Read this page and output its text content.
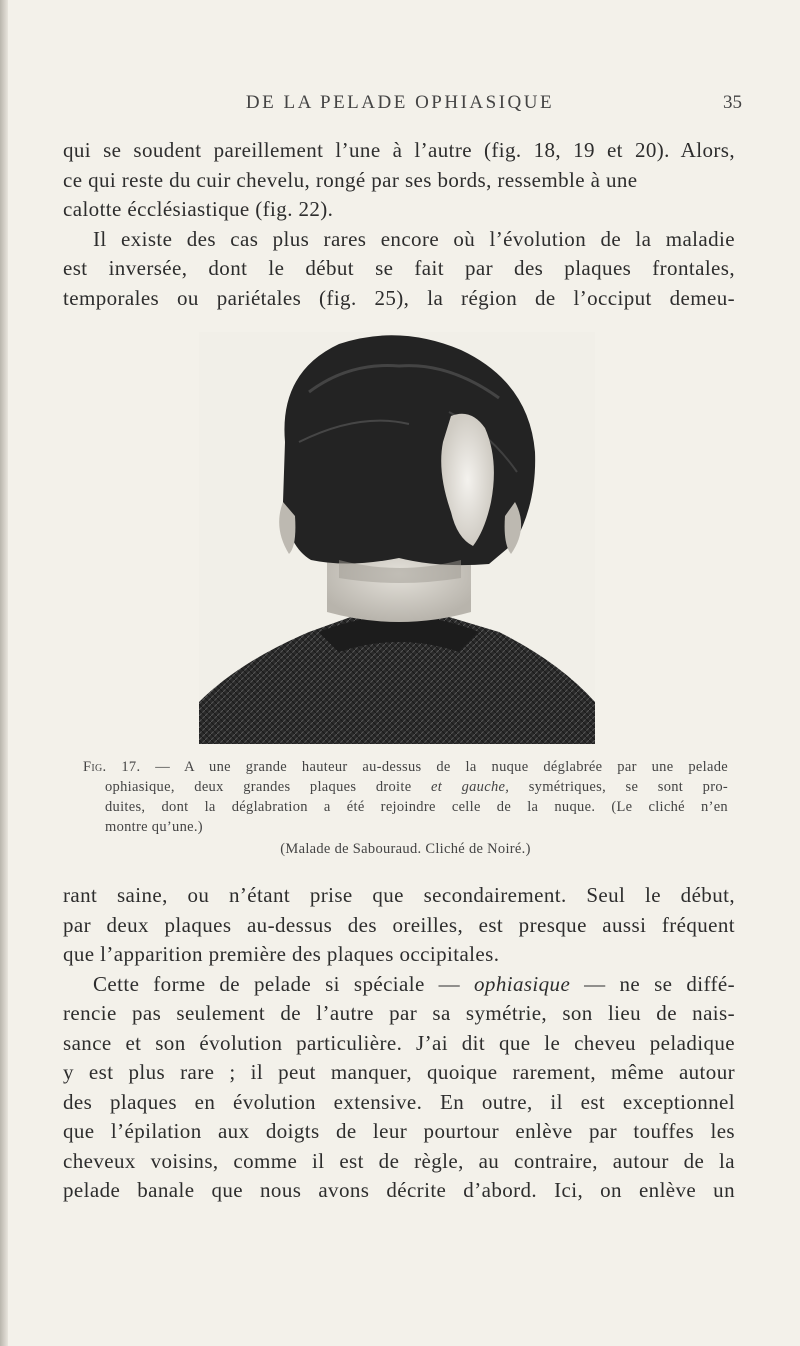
DE LA PELADE OPHIASIQUE	35

qui se soudent pareillement l’une à l’autre (fig. 18, 19 et 20). Alors,
ce qui reste du cuir chevelu, rongé par ses bords, ressemble à une
calotte écclésiastique (fig. 22).
Il existe des cas plus rares encore où l’évolution de la maladie
est inversée, dont le début se fait par des plaques frontales,
temporales ou pariétales (fig. 25), la région de l’occiput demeu-

Fig. 17. — A une grande hauteur au-dessus de la nuque déglabrée par une pelade
ophiasique, deux grandes plaques droite et gauche, symétriques, se sont pro-
duites, dont la déglabration a été rejoindre celle de la nuque. (Le cliché n’en
montre qu’une.)
(Malade de Sabouraud. Cliché de Noiré.)

rant saine, ou n’étant prise que secondairement. Seul le début,
par deux plaques au-dessus des oreilles, est presque aussi fréquent
que l’apparition première des plaques occipitales.
Cette forme de pelade si spéciale — ophiasique — ne se diffé-
rencie pas seulement de l’autre par sa symétrie, son lieu de nais-
sance et son évolution particulière. J’ai dit que le cheveu peladique
y est plus rare ; il peut manquer, quoique rarement, même autour
des plaques en évolution extensive. En outre, il est exceptionnel
que l’épilation aux doigts de leur pourtour enlève par touffes les
cheveux voisins, comme il est de règle, au contraire, autour de la
pelade banale que nous avons décrite d’abord. Ici, on enlève un
